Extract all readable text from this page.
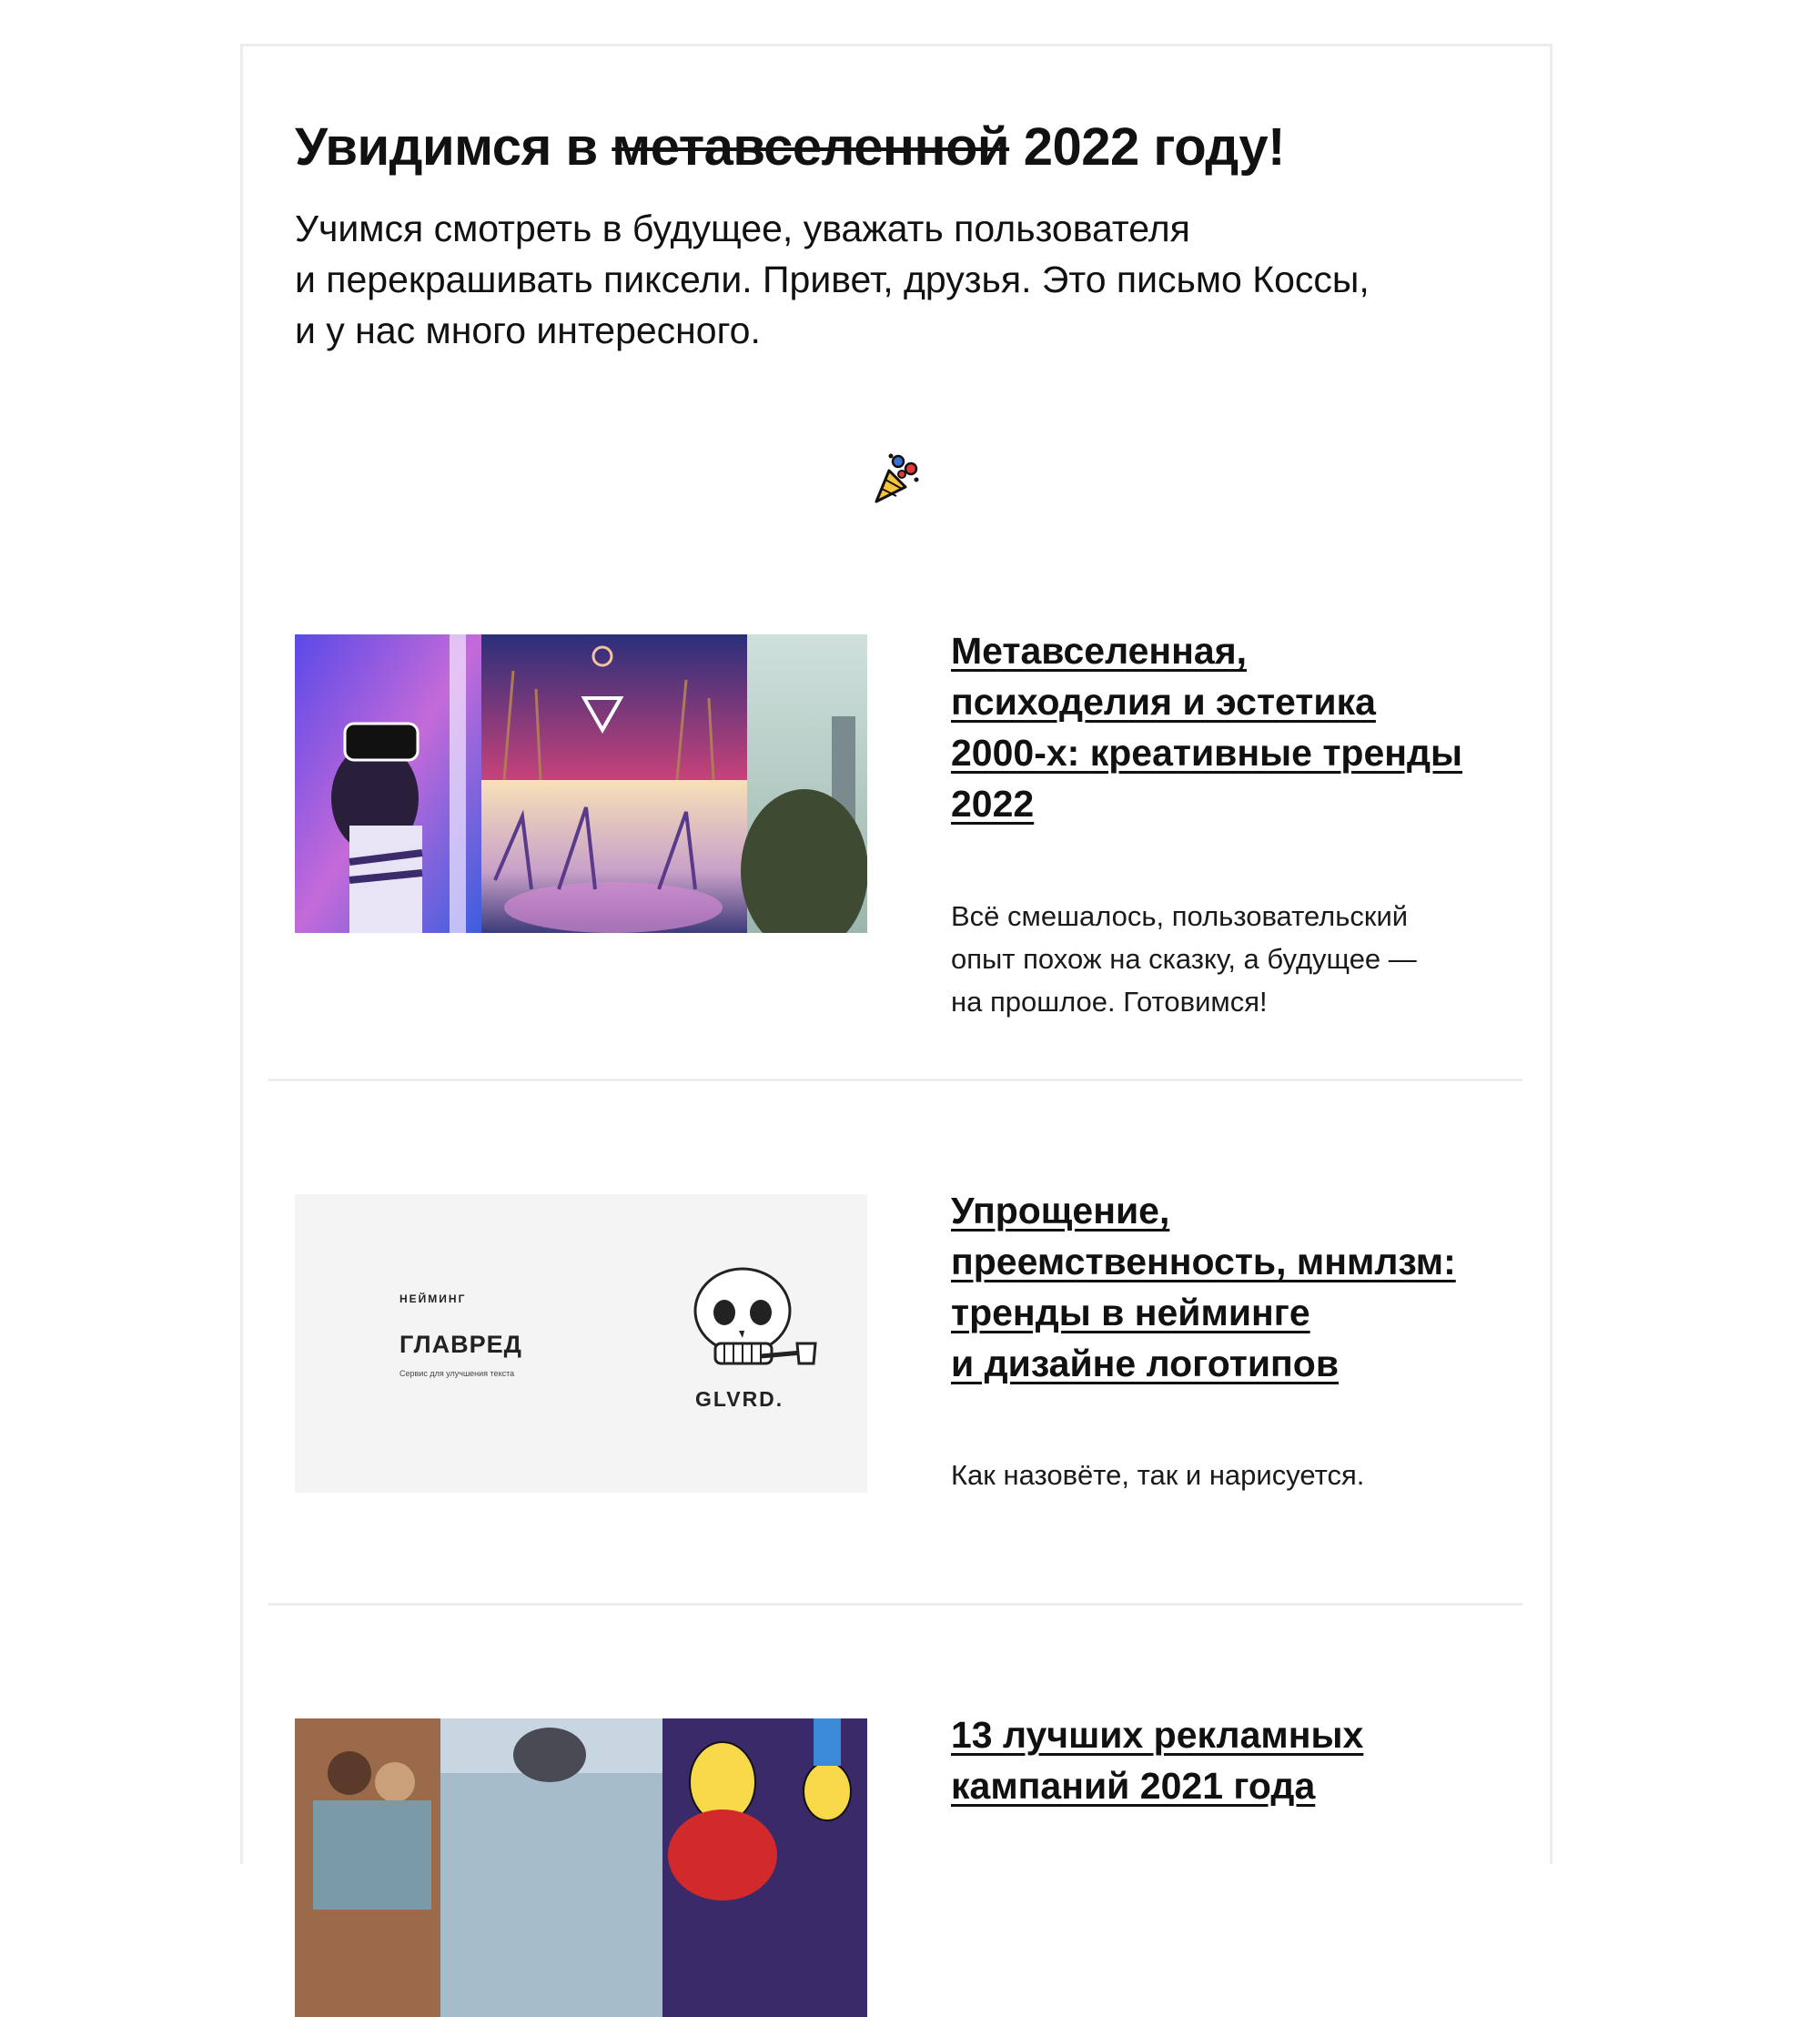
Увидимся в метавселенной 2022 году!

Учимся смотреть в будущее, уважать пользователя
и перекрашивать пиксели. Привет, друзья. Это письмо Коссы,
и у нас много интересного.

Метавселенная,
психоделия и эстетика
2000-х: креативные тренды
2022

Всё смешалось, пользовательский
опыт похож на сказку, а будущее —
на прошлое. Готовимся!

НЕЙМИНГ
ГЛАВРЕД
Сервис для улучшения текста
GLVRD.
Упрощение,
преемственность, мнмлзм:
тренды в нейминге
и дизайне логотипов

Как назовёте, так и нарисуется.

13 лучших рекламных
кампаний 2021 года
